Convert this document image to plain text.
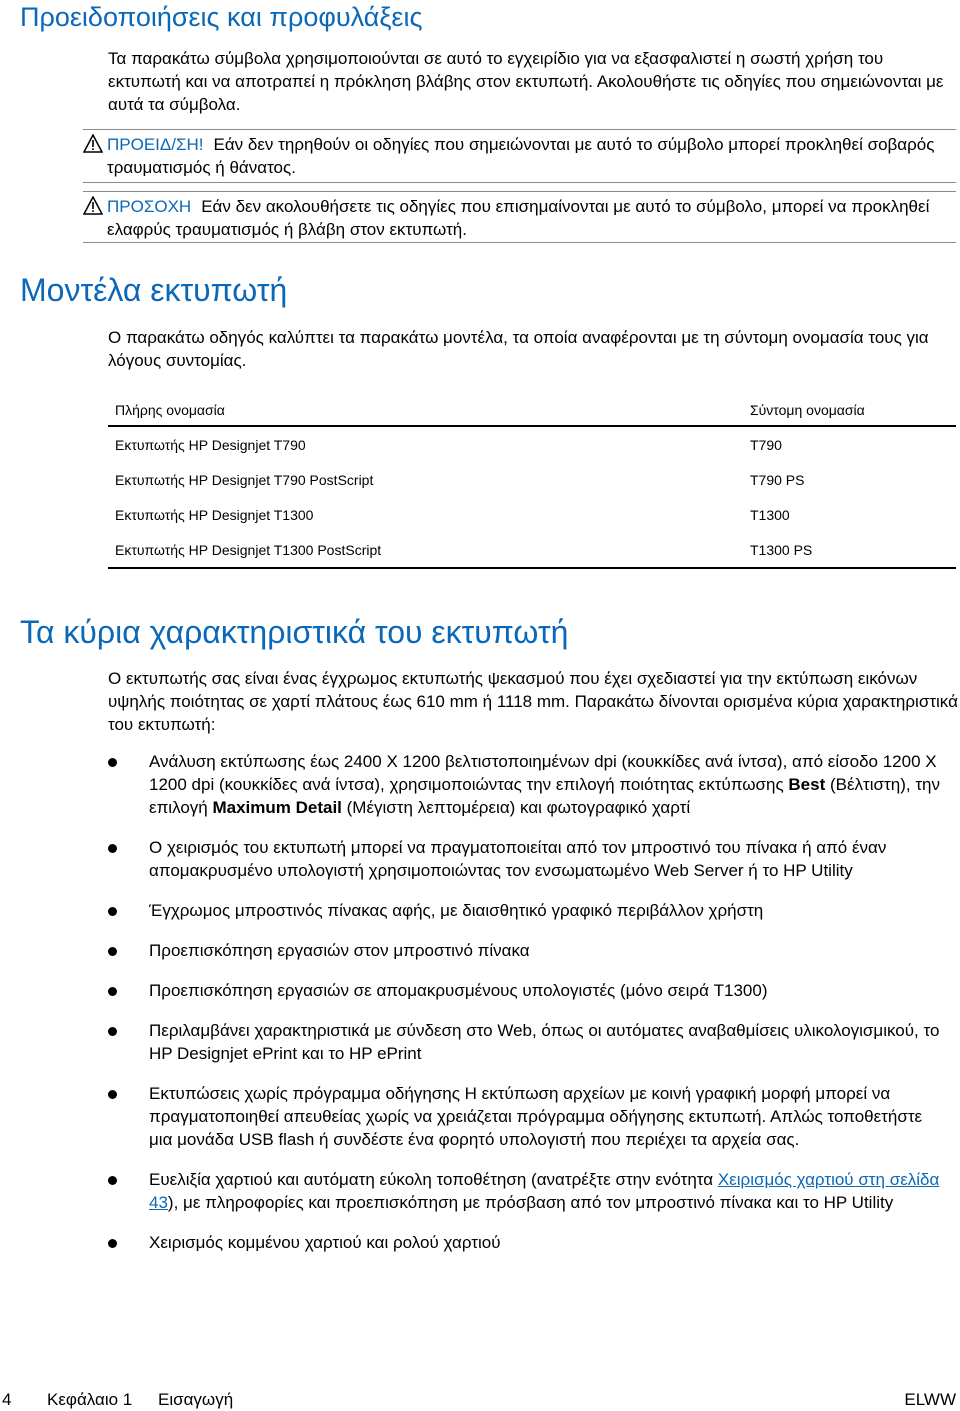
Προειδοποιήσεις και προφυλάξεις

Τα παρακάτω σύμβολα χρησιμοποιούνται σε αυτό το εγχειρίδιο για να εξασφαλιστεί η σωστή χρήση του εκτυπωτή και να αποτραπεί η πρόκληση βλάβης στον εκτυπωτή. Ακολουθήστε τις οδηγίες που σημειώνονται με αυτά τα σύμβολα.

ΠΡΟΕΙΔ/ΣΗ! Εάν δεν τηρηθούν οι οδηγίες που σημειώνονται με αυτό το σύμβολο μπορεί προκληθεί σοβαρός τραυματισμός ή θάνατος.

ΠΡΟΣΟΧΗ Εάν δεν ακολουθήσετε τις οδηγίες που επισημαίνονται με αυτό το σύμβολο, μπορεί να προκληθεί ελαφρύς τραυματισμός ή βλάβη στον εκτυπωτή.

Μοντέλα εκτυπωτή

Ο παρακάτω οδηγός καλύπτει τα παρακάτω μοντέλα, τα οποία αναφέρονται με τη σύντομη ονομασία τους για λόγους συντομίας.

Πλήρης ονομασία	Σύντομη ονομασία
Εκτυπωτής HP Designjet T790	T790
Εκτυπωτής HP Designjet T790 PostScript	T790 PS
Εκτυπωτής HP Designjet T1300	T1300
Εκτυπωτής HP Designjet T1300 PostScript	T1300 PS
Τα κύρια χαρακτηριστικά του εκτυπωτή

Ο εκτυπωτής σας είναι ένας έγχρωμος εκτυπωτής ψεκασμού που έχει σχεδιαστεί για την εκτύπωση εικόνων υψηλής ποιότητας σε χαρτί πλάτους έως 610 mm ή 1118 mm. Παρακάτω δίνονται ορισμένα κύρια χαρακτηριστικά του εκτυπωτή:

Ανάλυση εκτύπωσης έως 2400 X 1200 βελτιστοποιημένων dpi (κουκκίδες ανά ίντσα), από είσοδο 1200 X 1200 dpi (κουκκίδες ανά ίντσα), χρησιμοποιώντας την επιλογή ποιότητας εκτύπωσης Best (Βέλτιστη), την επιλογή Maximum Detail (Μέγιστη λεπτομέρεια) και φωτογραφικό χαρτί
Ο χειρισμός του εκτυπωτή μπορεί να πραγματοποιείται από τον μπροστινό του πίνακα ή από έναν απομακρυσμένο υπολογιστή χρησιμοποιώντας τον ενσωματωμένο Web Server ή το HP Utility
Έγχρωμος μπροστινός πίνακας αφής, με διαισθητικό γραφικό περιβάλλον χρήστη
Προεπισκόπηση εργασιών στον μπροστινό πίνακα
Προεπισκόπηση εργασιών σε απομακρυσμένους υπολογιστές (μόνο σειρά T1300)
Περιλαμβάνει χαρακτηριστικά με σύνδεση στο Web, όπως οι αυτόματες αναβαθμίσεις υλικολογισμικού, το HP Designjet ePrint και το HP ePrint
Εκτυπώσεις χωρίς πρόγραμμα οδήγησης Η εκτύπωση αρχείων με κοινή γραφική μορφή μπορεί να πραγματοποιηθεί απευθείας χωρίς να χρειάζεται πρόγραμμα οδήγησης εκτυπωτή. Απλώς τοποθετήστε μια μονάδα USB flash ή συνδέστε ένα φορητό υπολογιστή που περιέχει τα αρχεία σας.
Ευελιξία χαρτιού και αυτόματη εύκολη τοποθέτηση (ανατρέξτε στην ενότητα Χειρισμός χαρτιού στη σελίδα 43), με πληροφορίες και προεπισκόπηση με πρόσβαση από τον μπροστινό πίνακα και το HP Utility
Χειρισμός κομμένου χαρτιού και ρολού χαρτιού
4 Κεφάλαιο 1 Εισαγωγή	ELWW
